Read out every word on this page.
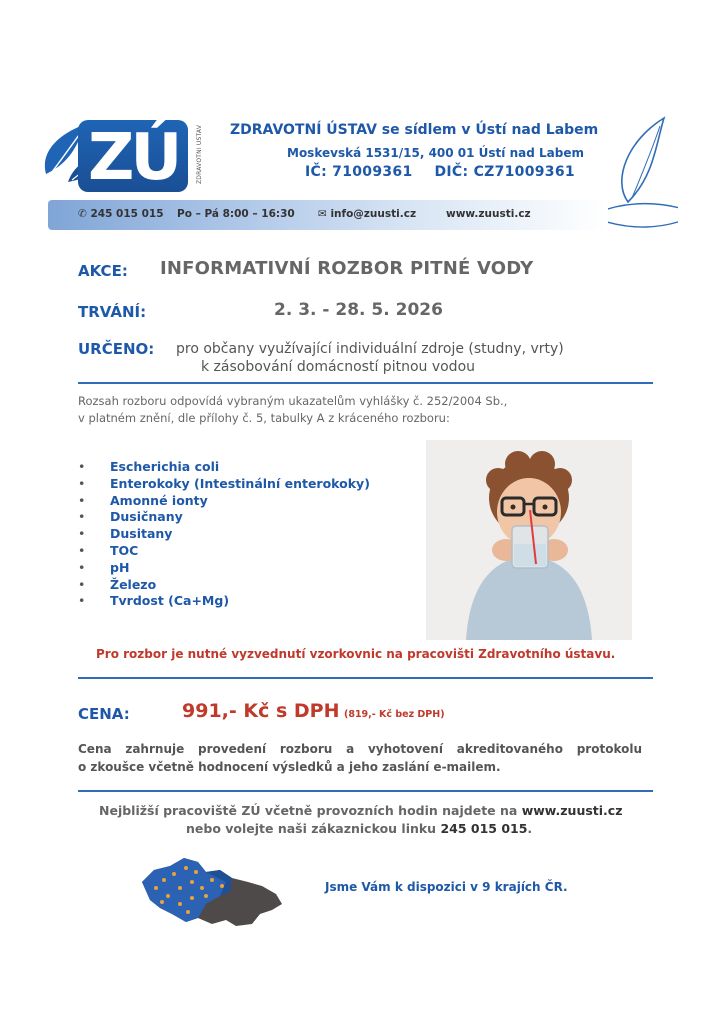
ZÚ	ZDRAVOTNÍ ÚSTAV	ZDRAVOTNÍ ÚSTAV se sídlem v Ústí nad Labem
Moskevská 1531/15, 400 01 Ústí nad Labem
IČ: 71009361 DIČ: CZ71009361
✆ 245 015 015 Po – Pá 8:00 – 16:30 ✉ info@zuusti.cz	www.zuusti.cz
AKCE: INFORMATIVNÍ ROZBOR PITNÉ VODY
TRVÁNÍ:	2. 3. - 28. 5. 2026
URČENO: pro občany využívající individuální zdroje (studny, vrty)
k zásobování domácností pitnou vodou
Rozsah rozboru odpovídá vybraným ukazatelům vyhlášky č. 252/2004 Sb.,
v platném znění, dle přílohy č. 5, tabulky A z kráceného rozboru:
• Escherichia coli
• Enterokoky (Intestinální enterokoky)
• Amonné ionty
• Dusičnany
• Dusitany
• TOC
• pH
• Železo
• Tvrdost (Ca+Mg)
Pro rozbor je nutné vyzvednutí vzorkovnic na pracovišti Zdravotního ústavu.
CENA:	991,- Kč s DPH (819,- Kč bez DPH)
Cena zahrnuje provedení rozboru a vyhotovení akreditovaného protokolu
o zkoušce včetně hodnocení výsledků a jeho zaslání e-mailem.
Nejbližší pracoviště ZÚ včetně provozních hodin najdete na www.zuusti.cz
nebo volejte naši zákaznickou linku 245 015 015.
Jsme Vám k dispozici v 9 krajích ČR.
